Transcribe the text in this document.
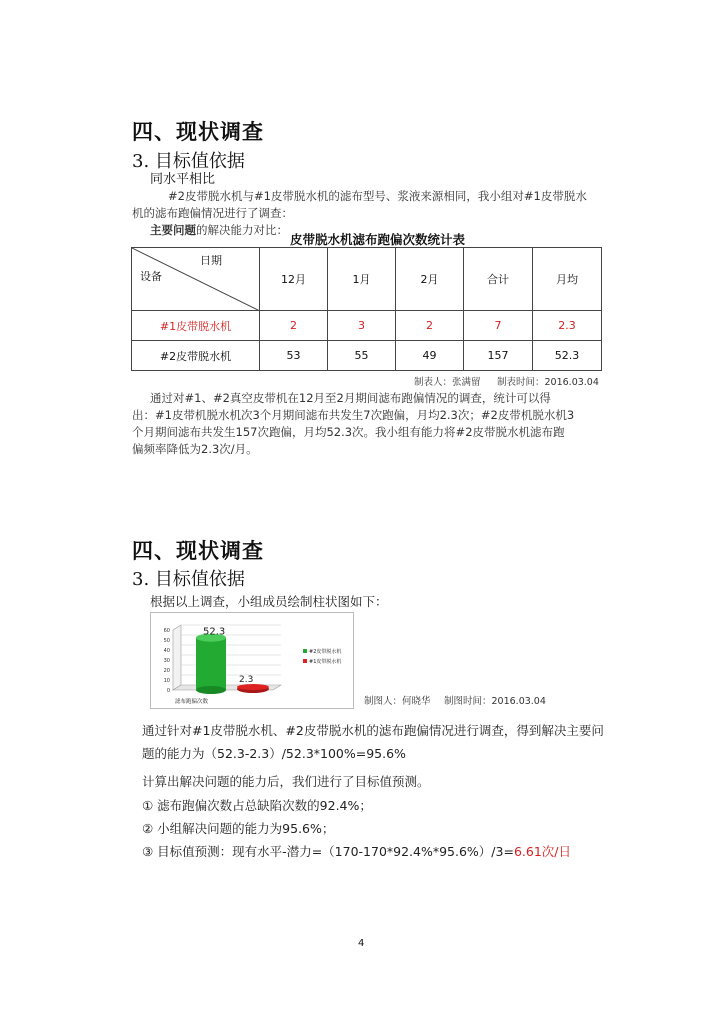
四、现状调查
3. 目标值依据
同水平相比
#2皮带脱水机与#1皮带脱水机的滤布型号、浆液来源相同，我小组对#1皮带脱水
机的滤布跑偏情况进行了调查：
主要问题的解决能力对比：
皮带脱水机滤布跑偏次数统计表
日期
设备	12月	1月	2月	合计	月均
#1皮带脱水机	2	3	2	7	2.3
#2皮带脱水机	53	55	49	157	52.3
制表人：张满留 制表时间：2016.03.04
通过对#1、#2真空皮带机在12月至2月期间滤布跑偏情况的调查，统计可以得
出：#1皮带机脱水机次3个月期间滤布共发生7次跑偏，月均2.3次；#2皮带机脱水机3
个月期间滤布共发生157次跑偏，月均52.3次。我小组有能力将#2皮带脱水机滤布跑
偏频率降低为2.3次/月。
四、现状调查
3. 目标值依据
根据以上调查，小组成员绘制柱状图如下：
0
10
20
30
40
50
60	52.3
2.3
滤布跑偏次数
#2皮带脱水机
#1皮带脱水机
制图人：何晓华 制图时间：2016.03.04
通过针对#1皮带脱水机、#2皮带脱水机的滤布跑偏情况进行调查，得到解决主要问
题的能力为（52.3-2.3）/52.3*100%=95.6%
计算出解决问题的能力后，我们进行了目标值预测。
① 滤布跑偏次数占总缺陷次数的92.4%；
② 小组解决问题的能力为95.6%；
③ 目标值预测：现有水平-潜力=（170-170*92.4%*95.6%）/3=6.61次/日
4
